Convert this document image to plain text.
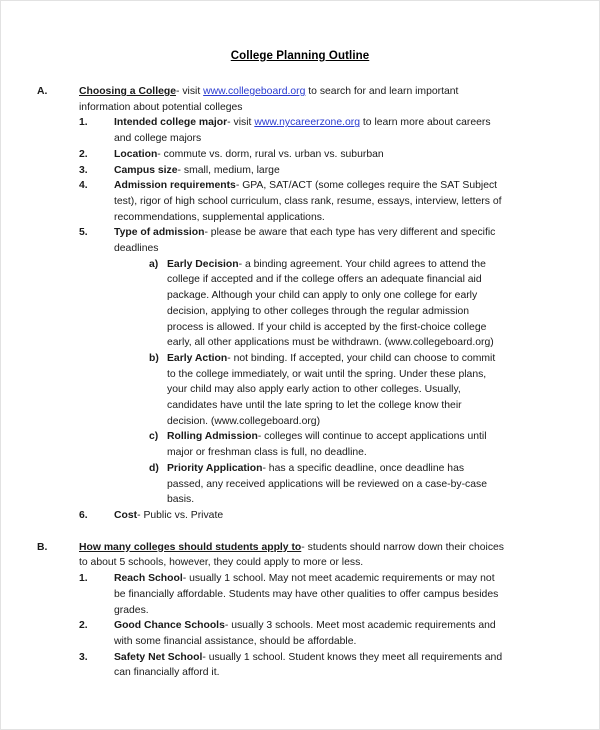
College Planning Outline
A.	Choosing a College- visit www.collegeboard.org to search for and learn important information about potential colleges
1.	Intended college major- visit www.nycareerzone.org to learn more about careers and college majors
2.	Location- commute vs. dorm, rural vs. urban vs. suburban
3.	Campus size- small, medium, large
4.	Admission requirements- GPA, SAT/ACT (some colleges require the SAT Subject test), rigor of high school curriculum, class rank, resume, essays, interview, letters of recommendations, supplemental applications.
5.	Type of admission- please be aware that each type has very different and specific deadlines
a) Early Decision- a binding agreement. Your child agrees to attend the college if accepted and if the college offers an adequate financial aid package. Although your child can apply to only one college for early decision, applying to other colleges through the regular admission process is allowed. If your child is accepted by the first-choice college early, all other applications must be withdrawn. (www.collegeboard.org)
b) Early Action- not binding. If accepted, your child can choose to commit to the college immediately, or wait until the spring. Under these plans, your child may also apply early action to other colleges. Usually, candidates have until the late spring to let the college know their decision. (www.collegeboard.org)
c) Rolling Admission- colleges will continue to accept applications until major or freshman class is full, no deadline.
d) Priority Application- has a specific deadline, once deadline has passed, any received applications will be reviewed on a case-by-case basis.
6.	Cost- Public vs. Private
B.	How many colleges should students apply to- students should narrow down their choices to about 5 schools, however, they could apply to more or less.
1.	Reach School- usually 1 school. May not meet academic requirements or may not be financially affordable. Students may have other qualities to offer campus besides grades.
2.	Good Chance Schools- usually 3 schools. Meet most academic requirements and with some financial assistance, should be affordable.
3.	Safety Net School- usually 1 school. Student knows they meet all requirements and can financially afford it.
